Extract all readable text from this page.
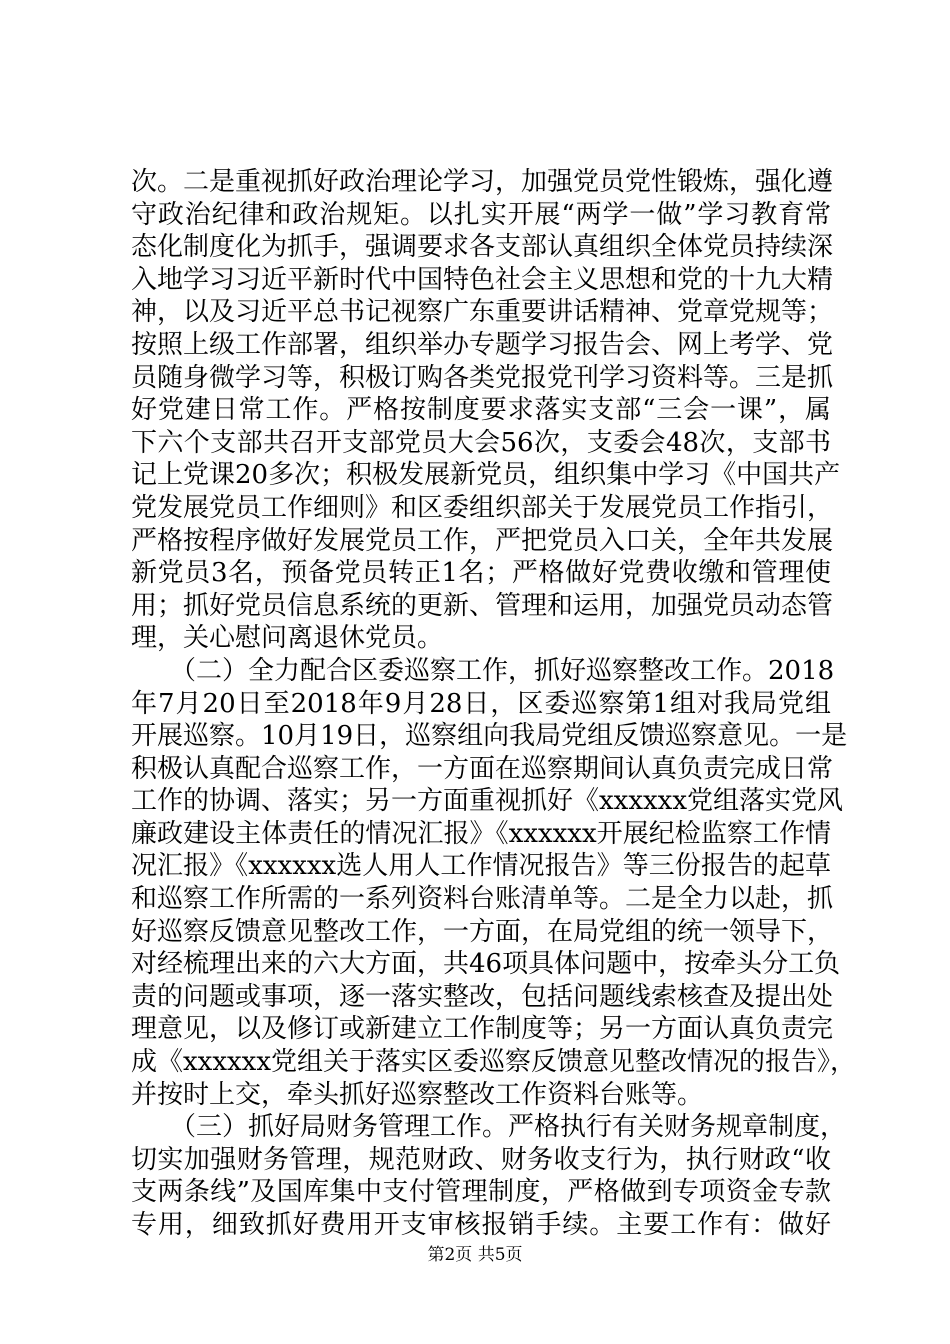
次。二是重视抓好政治理论学习，加强党员党性锻炼，强化遵
守政治纪律和政治规矩。以扎实开展“两学一做”学习教育常
态化制度化为抓手，强调要求各支部认真组织全体党员持续深
入地学习习近平新时代中国特色社会主义思想和党的十九大精
神，以及习近平总书记视察广东重要讲话精神、党章党规等；
按照上级工作部署，组织举办专题学习报告会、网上考学、党
员随身微学习等，积极订购各类党报党刊学习资料等。三是抓
好党建日常工作。严格按制度要求落实支部“三会一课”，属
下六个支部共召开支部党员大会56次，支委会48次，支部书
记上党课20多次；积极发展新党员，组织集中学习《中国共产
党发展党员工作细则》和区委组织部关于发展党员工作指引，
严格按程序做好发展党员工作，严把党员入口关，全年共发展
新党员3名，预备党员转正1名；严格做好党费收缴和管理使
用；抓好党员信息系统的更新、管理和运用，加强党员动态管
理，关心慰问离退休党员。
　　（二）全力配合区委巡察工作，抓好巡察整改工作。2018
年7月20日至2018年9月28日，区委巡察第1组对我局党组
开展巡察。10月19日，巡察组向我局党组反馈巡察意见。一是
积极认真配合巡察工作，一方面在巡察期间认真负责完成日常
工作的协调、落实；另一方面重视抓好《xxxxxx党组落实党风
廉政建设主体责任的情况汇报》《xxxxxx开展纪检监察工作情
况汇报》《xxxxxx选人用人工作情况报告》等三份报告的起草
和巡察工作所需的一系列资料台账清单等。二是全力以赴，抓
好巡察反馈意见整改工作，一方面，在局党组的统一领导下，
对经梳理出来的六大方面，共46项具体问题中，按牵头分工负
责的问题或事项，逐一落实整改，包括问题线索核查及提出处
理意见，以及修订或新建立工作制度等；另一方面认真负责完
成《xxxxxx党组关于落实区委巡察反馈意见整改情况的报告》，
并按时上交，牵头抓好巡察整改工作资料台账等。
　　（三）抓好局财务管理工作。严格执行有关财务规章制度，
切实加强财务管理，规范财政、财务收支行为，执行财政“收
支两条线”及国库集中支付管理制度，严格做到专项资金专款
专用，细致抓好费用开支审核报销手续。主要工作有：做好
第2页 共5页
